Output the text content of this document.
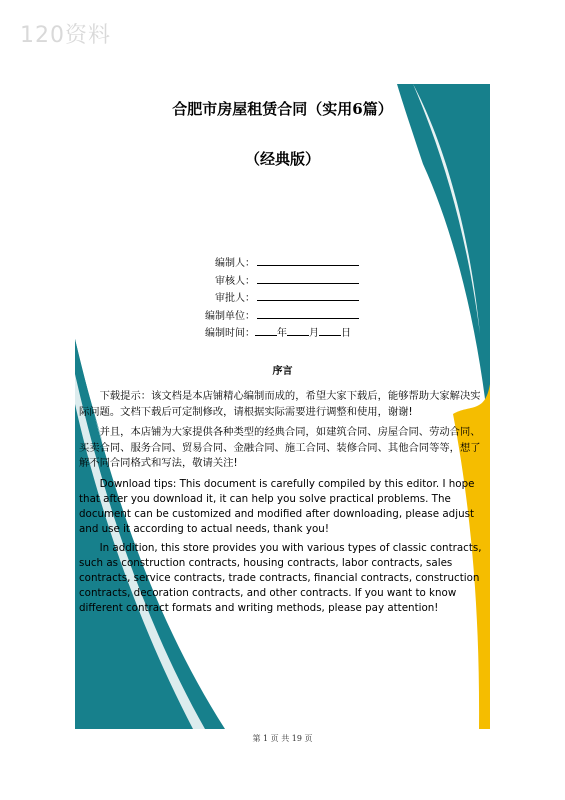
120资料
合肥市房屋租赁合同（实用6篇）
（经典版）
编制人：
审核人：
审批人：
编制单位：
编制时间： 年 月 日
序言

下载提示：该文档是本店铺精心编制而成的，希望大家下载后，能够帮助大家解决实际问题。文档下载后可定制修改，请根据实际需要进行调整和使用，谢谢!

并且，本店铺为大家提供各种类型的经典合同，如建筑合同、房屋合同、劳动合同、买卖合同、服务合同、贸易合同、金融合同、施工合同、装修合同、其他合同等等，想了解不同合同格式和写法，敬请关注!

Download tips: This document is carefully compiled by this editor. I hope that after you download it, it can help you solve practical problems. The document can be customized and modified after downloading, please adjust and use it according to actual needs, thank you!

In addition, this store provides you with various types of classic contracts, such as construction contracts, housing contracts, labor contracts, sales contracts, service contracts, trade contracts, financial contracts, construction contracts, decoration contracts, and other contracts. If you want to know different contract formats and writing methods, please pay attention!

第 1 页 共 19 页
